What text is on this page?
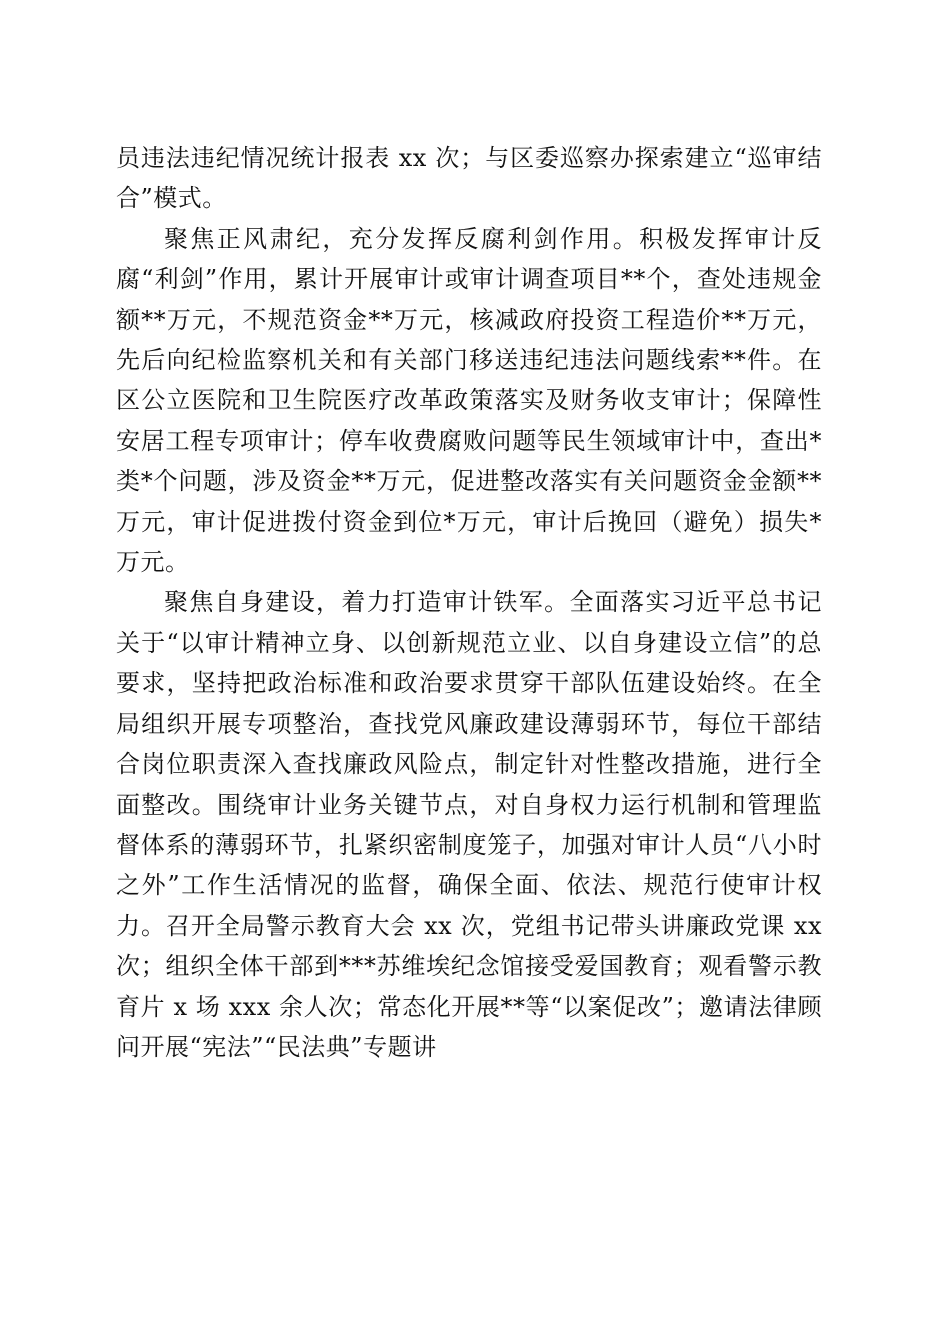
员违法违纪情况统计报表 xx 次；与区委巡察办探索建立“巡审结合”模式。

聚焦正风肃纪，充分发挥反腐利剑作用。积极发挥审计反腐“利剑”作用，累计开展审计或审计调查项目**个，查处违规金额**万元，不规范资金**万元，核减政府投资工程造价**万元，先后向纪检监察机关和有关部门移送违纪违法问题线索**件。在区公立医院和卫生院医疗改革政策落实及财务收支审计；保障性安居工程专项审计；停车收费腐败问题等民生领域审计中，查出*类*个问题，涉及资金**万元，促进整改落实有关问题资金金额**万元，审计促进拨付资金到位*万元，审计后挽回（避免）损失*万元。

聚焦自身建设，着力打造审计铁军。全面落实习近平总书记关于“以审计精神立身、以创新规范立业、以自身建设立信”的总要求，坚持把政治标准和政治要求贯穿干部队伍建设始终。在全局组织开展专项整治，查找党风廉政建设薄弱环节，每位干部结合岗位职责深入查找廉政风险点，制定针对性整改措施，进行全面整改。围绕审计业务关键节点，对自身权力运行机制和管理监督体系的薄弱环节，扎紧织密制度笼子，加强对审计人员“八小时之外”工作生活情况的监督，确保全面、依法、规范行使审计权力。召开全局警示教育大会 xx 次，党组书记带头讲廉政党课 xx 次；组织全体干部到***苏维埃纪念馆接受爱国教育；观看警示教育片 x 场 xxx 余人次；常态化开展**等“以案促改”；邀请法律顾问开展“宪法”“民法典”专题讲
